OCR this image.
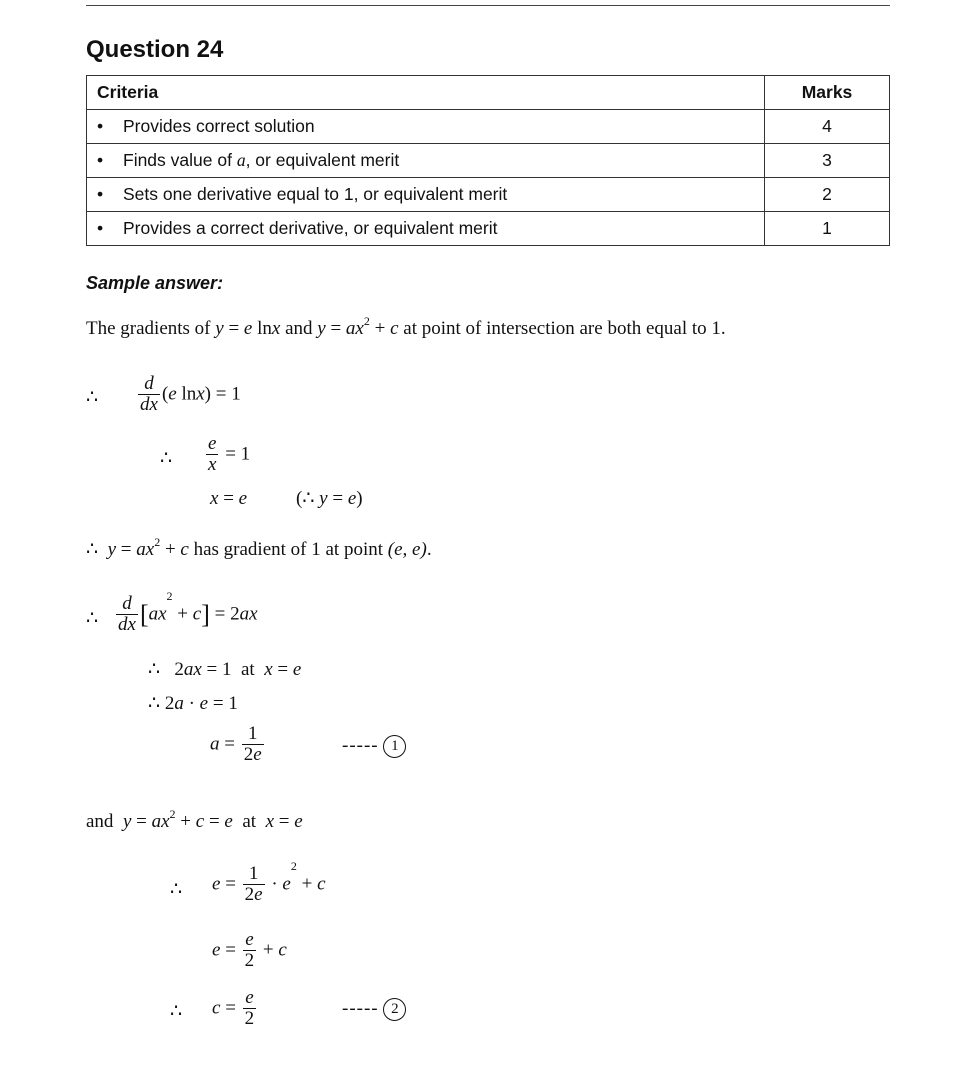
Question 24
Criteria	Marks
• Provides correct solution	4
• Finds value of a, or equivalent merit	3
• Sets one derivative equal to 1, or equivalent merit	2
• Provides a correct derivative, or equivalent merit	1
Sample answer:
The gradients of y = e lnx and $y = ax^2 + c$ at point of intersection are both equal to 1.
∴ $\frac{d}{dx} (e$ lnx) = 1
∴ $\frac{e}{x} = 1$
x = e	(∴ y = e)
∴ $y = ax^2 + c$ has gradient of 1 at point (e, e).
∴ $\frac{d}{dx} [ax^2 + c] = 2ax$
∴   2ax = 1  at x = e
∴ 2a · e = 1
$a = \frac{1}{2e}$	----- 1
and $y = ax^2 + c = e$ at x = e
∴ $e = \frac{1}{2e} \cdot e^2 + c$
$e = \frac{e}{2} + c$
∴ $c = \frac{e}{2}$	----- 2
